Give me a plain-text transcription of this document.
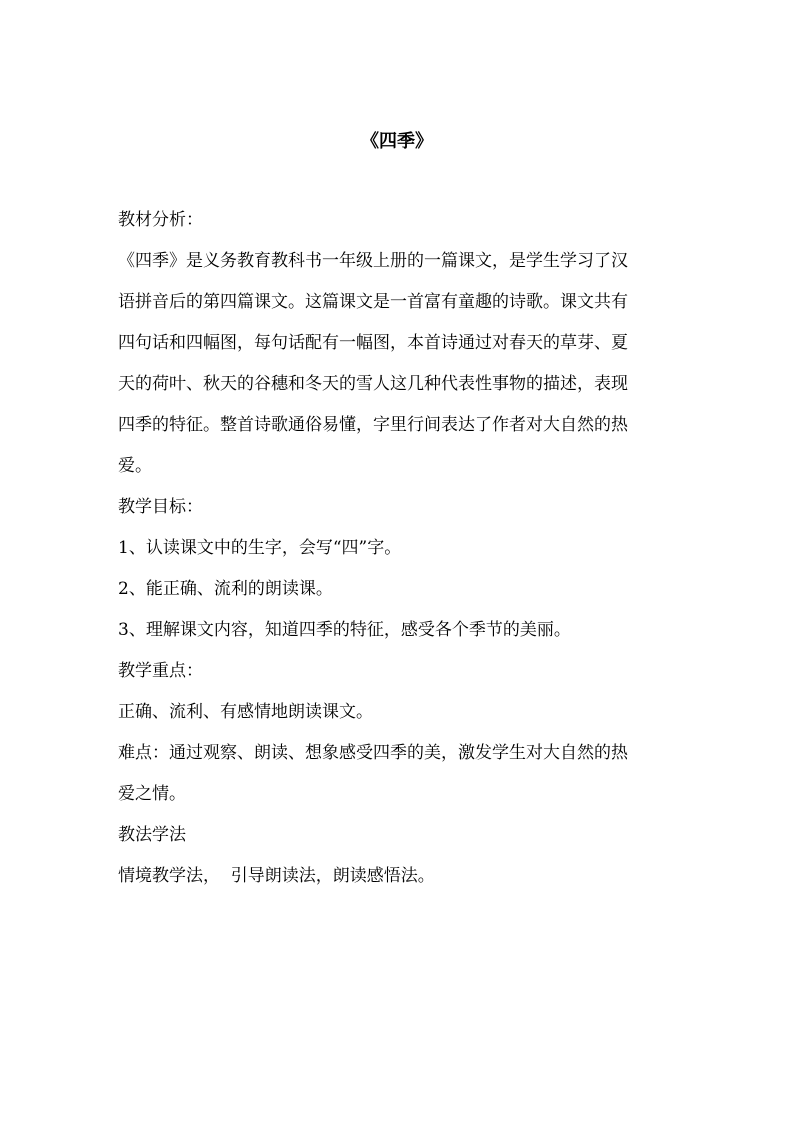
《四季》
教材分析：
《四季》是义务教育教科书一年级上册的一篇课文，是学生学习了汉
语拼音后的第四篇课文。这篇课文是一首富有童趣的诗歌。课文共有
四句话和四幅图，每句话配有一幅图，本首诗通过对春天的草芽、夏
天的荷叶、秋天的谷穗和冬天的雪人这几种代表性事物的描述，表现
四季的特征。整首诗歌通俗易懂，字里行间表达了作者对大自然的热
爱。
教学目标：
1、认读课文中的生字，会写“四”字。
2、能正确、流利的朗读课。
3、理解课文内容，知道四季的特征，感受各个季节的美丽。
教学重点：
正确、流利、有感情地朗读课文。
难点：通过观察、朗读、想象感受四季的美，激发学生对大自然的热
爱之情。
教法学法
情境教学法，  引导朗读法，朗读感悟法。
